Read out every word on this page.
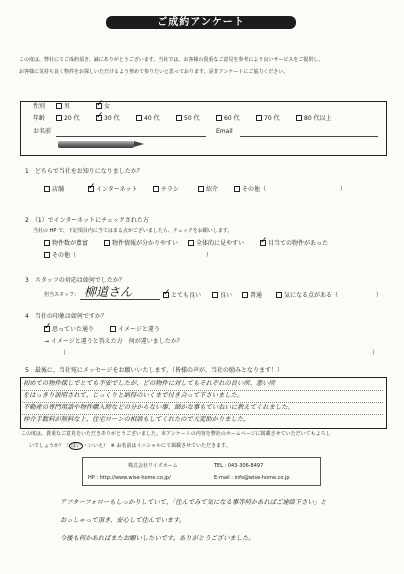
ご成約アンケート
この度は、弊社にてご成約頂き、誠にありがとうございます。当社では、お客様の貴重なご意見を参考により良いサービスをご提供し、
お客様に気持ち良く物件をお探しいただけるよう努めて参りたいと思っております。是非アンケートにご協力ください。
性別	男 ✓	女
年齢	20 代 ✓	30 代	40 代	50 代	60 代	70 代	80 代以上
お名前	Email
1　どちらで当社をお知りになりましたか？
店舗 ✓	インターネット	チラシ	紹介	その他（	）
2　（1）でインターネットにチェックされた方
当社の HP で、下記項目内に当てはまる点がございましたら、チェックをお願いします。
物件数が豊富	物件情報が分かりやすい	全体的に見やすい ✓	目当ての物件があった
その他（	）
3　スタッフの対応は如何でしたか？
担当スタッフ： 柳道さん ✓	とても良い	良い	普通	気になる点がある（	）
4　当社の印象は如何ですか？
✓思っていた通り	イメージと違う
→ イメージと違うと答えた方　何が違いましたか？
（	）
5　最後に、当社宛にメッセージをお願いいたします。（皆様の声が、当社の励みとなります！）
初めての物件探しでとても不安でしたが、どの物件に対してもそれぞれの良い所、悪い所
をはっきり説明されて、じっくりと納得のいくまで付き合って下さいました。
不動産の専門用語や物件購入時などの分からない事、細かな事もていねいに教えてくれました。
仲介手数料が無料な上、住宅ローンの相談もしてくれたので大変助かりました。
この度は、貴重なご意見をいただきありがとうございました。本アンケートの内容を弊社のホームページに掲載させていただいてもよろし
いでしょうか？（ はい ・いいえ）　※ お名前はイニシャルにて掲載させていただきます。
株式会社ワイズホーム	TEL : 043-306-8497
HP : http://www.wise-home.co.jp/	E-mail : info@wise-home.co.jp
アフターフォローもしっかりしていて、「住んでみて気になる事等何かあればご連絡下さい」と
おっしゃって頂き、安心して住んでいます。
今後も何かあればまたお願いしたいです。ありがとうございました。
